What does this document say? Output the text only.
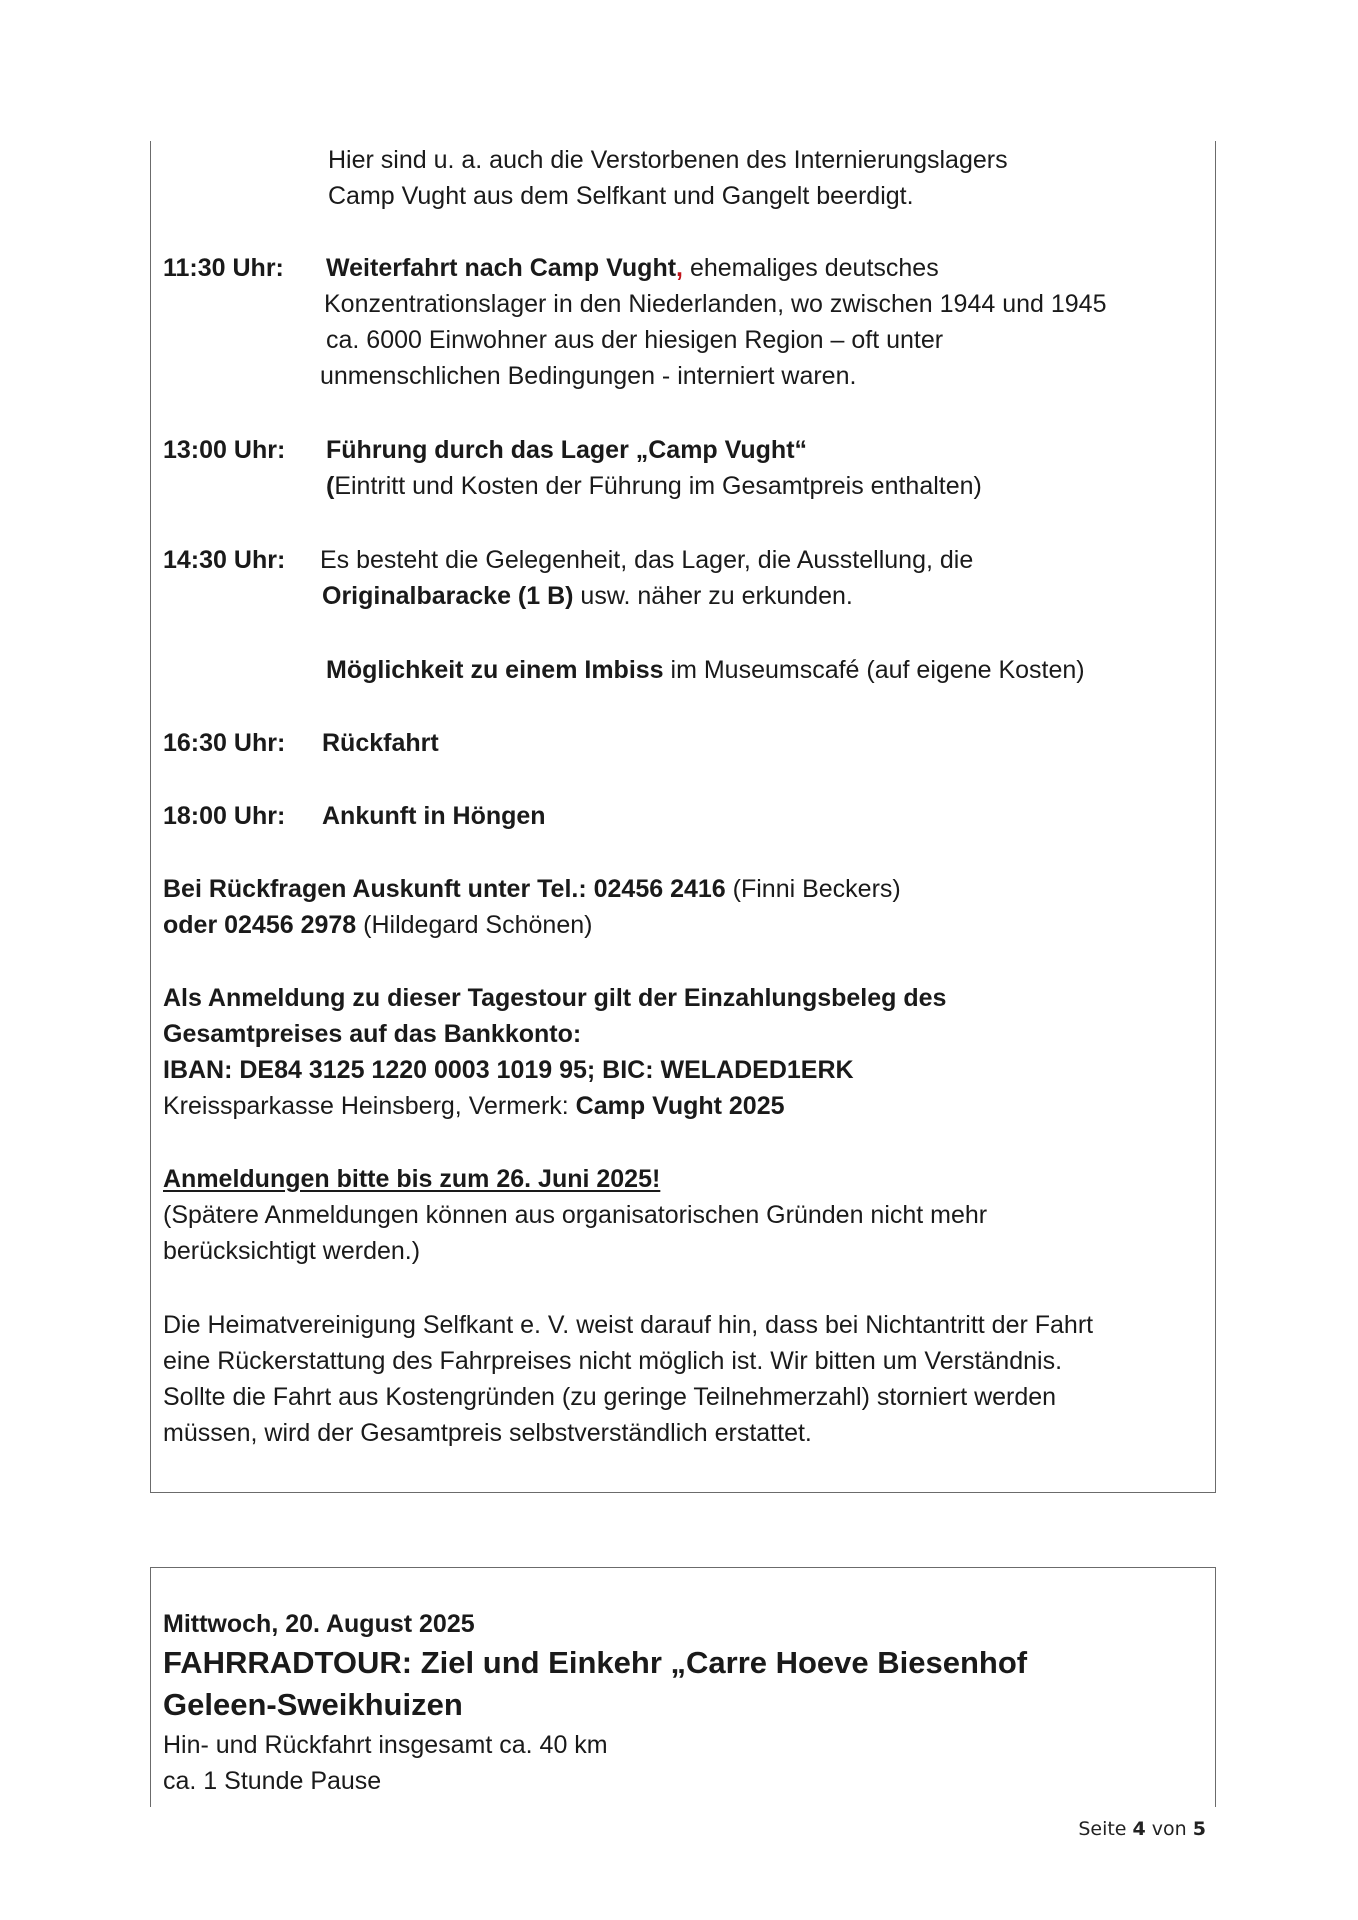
Hier sind u. a. auch die Verstorbenen des Internierungslagers
Camp Vught aus dem Selfkant und Gangelt beerdigt.
11:30 Uhr: Weiterfahrt nach Camp Vught, ehemaliges deutsches
Konzentrationslager in den Niederlanden, wo zwischen 1944 und 1945
ca. 6000 Einwohner aus der hiesigen Region – oft unter
unmenschlichen Bedingungen - interniert waren.
13:00 Uhr: Führung durch das Lager „Camp Vught“
(Eintritt und Kosten der Führung im Gesamtpreis enthalten)
14:30 Uhr: Es besteht die Gelegenheit, das Lager, die Ausstellung, die
Originalbaracke (1 B) usw. näher zu erkunden.
Möglichkeit zu einem Imbiss im Museumscafé (auf eigene Kosten)
16:30 Uhr: Rückfahrt
18:00 Uhr: Ankunft in Höngen
Bei Rückfragen Auskunft unter Tel.: 02456 2416 (Finni Beckers)
oder 02456 2978 (Hildegard Schönen)
Als Anmeldung zu dieser Tagestour gilt der Einzahlungsbeleg des
Gesamtpreises auf das Bankkonto:
IBAN: DE84 3125 1220 0003 1019 95; BIC: WELADED1ERK
Kreissparkasse Heinsberg, Vermerk: Camp Vught 2025
Anmeldungen bitte bis zum 26. Juni 2025!
(Spätere Anmeldungen können aus organisatorischen Gründen nicht mehr
berücksichtigt werden.)
Die Heimatvereinigung Selfkant e. V. weist darauf hin, dass bei Nichtantritt der Fahrt
eine Rückerstattung des Fahrpreises nicht möglich ist. Wir bitten um Verständnis.
Sollte die Fahrt aus Kostengründen (zu geringe Teilnehmerzahl) storniert werden
müssen, wird der Gesamtpreis selbstverständlich erstattet.
Mittwoch, 20. August 2025
FAHRRADTOUR: Ziel und Einkehr „Carre Hoeve Biesenhof
Geleen-Sweikhuizen
Hin- und Rückfahrt insgesamt ca. 40 km
ca. 1 Stunde Pause
Seite 4 von 5
